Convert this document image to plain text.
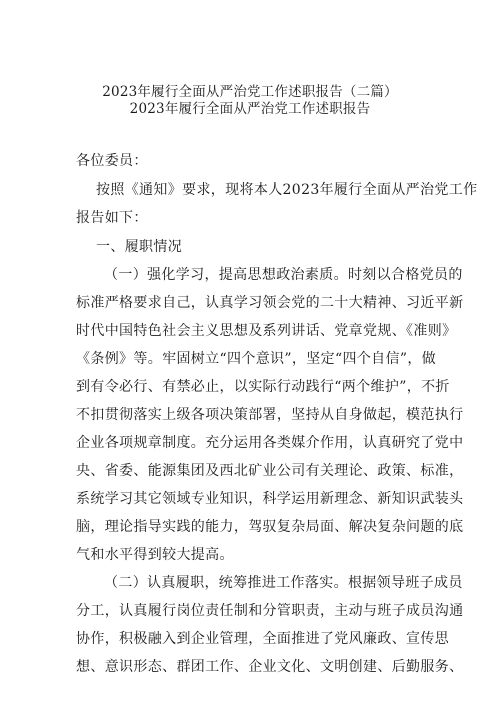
2023年履行全面从严治党工作述职报告（二篇）
2023年履行全面从严治党工作述职报告
各位委员：
按照《通知》要求，现将本人2023年履行全面从严治党工作
报告如下：
一、履职情况
（一）强化学习，提高思想政治素质。时刻以合格党员的
标准严格要求自己，认真学习领会党的二十大精神、习近平新
时代中国特色社会主义思想及系列讲话、党章党规、《准则》
《条例》等。牢固树立“四个意识”，坚定“四个自信”，做
到有令必行、有禁必止，以实际行动践行“两个维护”，不折
不扣贯彻落实上级各项决策部署，坚持从自身做起，模范执行
企业各项规章制度。充分运用各类媒介作用，认真研究了党中
央、省委、能源集团及西北矿业公司有关理论、政策、标准，
系统学习其它领域专业知识，科学运用新理念、新知识武装头
脑，理论指导实践的能力，驾驭复杂局面、解决复杂问题的底
气和水平得到较大提高。
（二）认真履职，统筹推进工作落实。根据领导班子成员
分工，认真履行岗位责任制和分管职责，主动与班子成员沟通
协作，积极融入到企业管理，全面推进了党风廉政、宣传思
想、意识形态、群团工作、企业文化、文明创建、后勤服务、
